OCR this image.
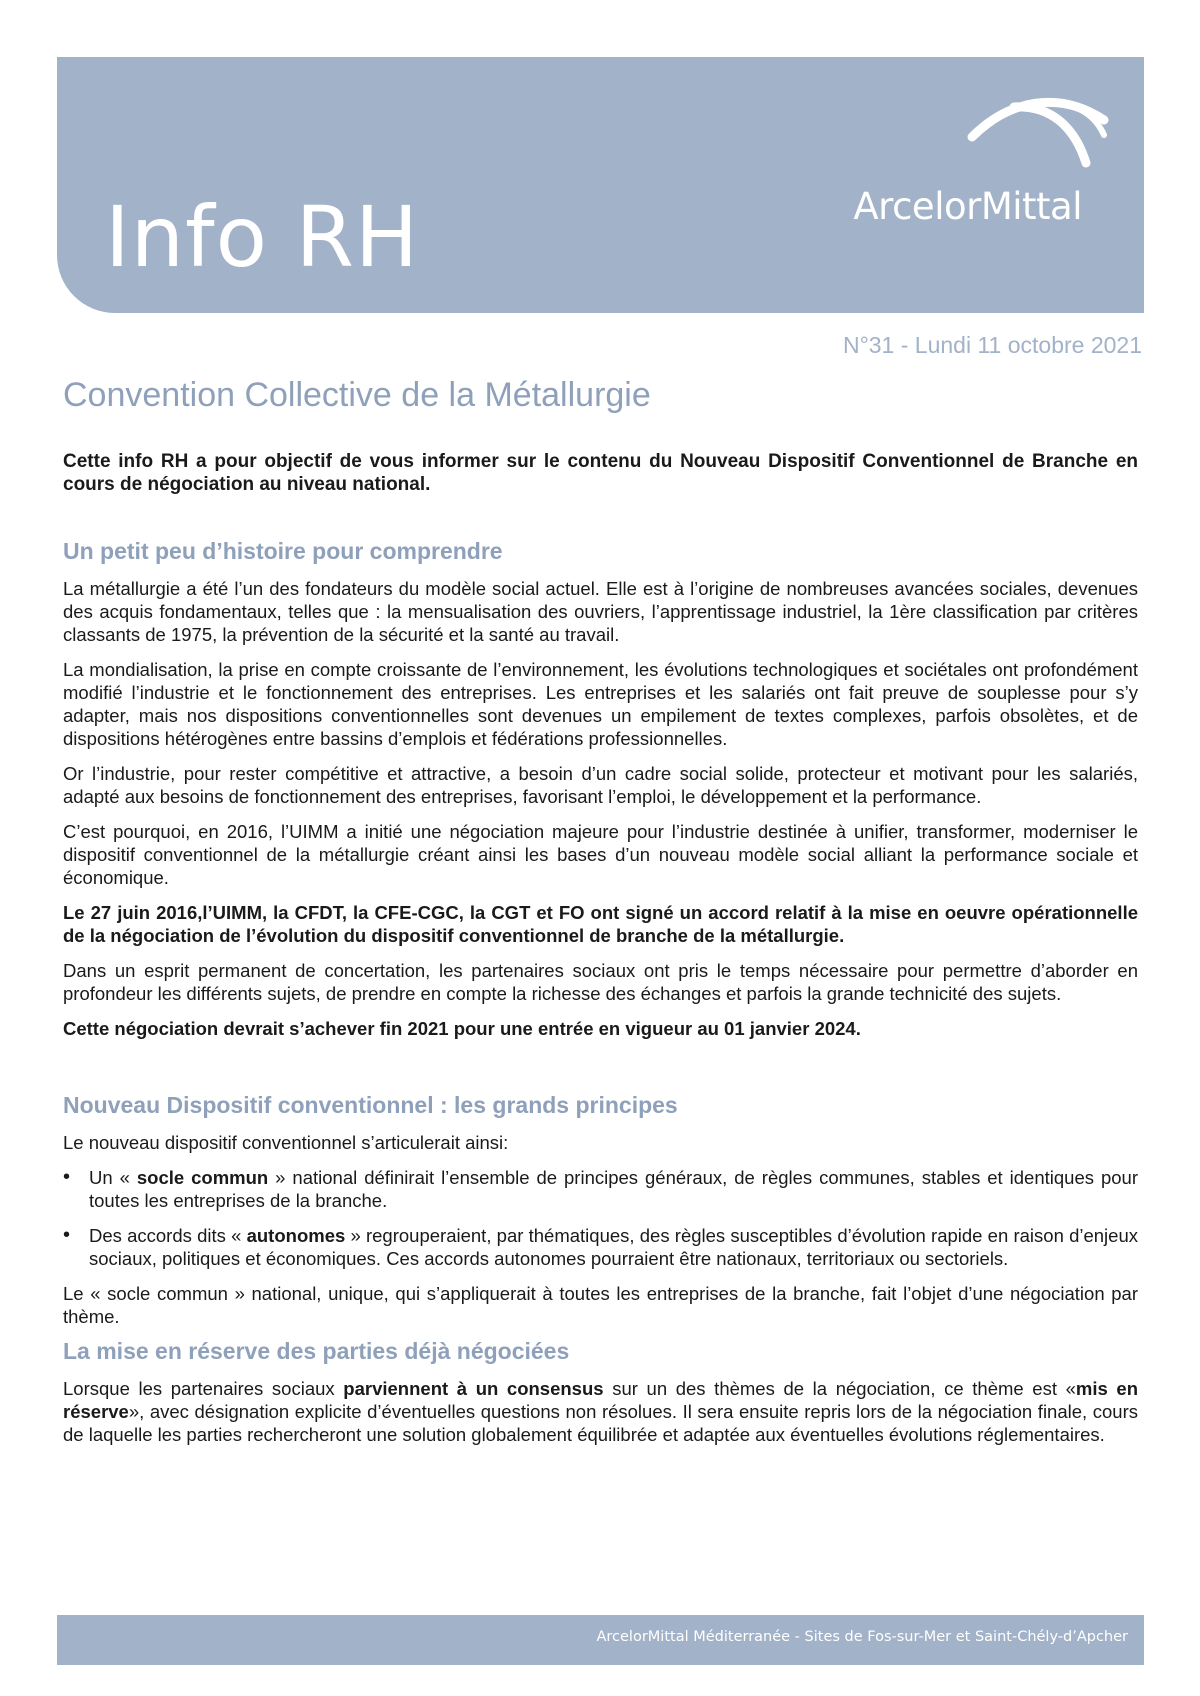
ArcelorMittal
Info RH
N°31 - Lundi 11 octobre 2021
Convention Collective de la Métallurgie

Cette info RH a pour objectif de vous informer sur le contenu du Nouveau Dispositif Conventionnel de Branche en cours de négociation au niveau national.

Un petit peu d’histoire pour comprendre

La métallurgie a été l’un des fondateurs du modèle social actuel. Elle est à l’origine de nombreuses avancées sociales, devenues des acquis fondamentaux, telles que : la mensualisation des ouvriers, l’apprentissage industriel, la 1ère classification par critères classants de 1975, la prévention de la sécurité et la santé au travail.

La mondialisation, la prise en compte croissante de l’environnement, les évolutions technologiques et sociétales ont profondément modifié l’industrie et le fonctionnement des entreprises. Les entreprises et les salariés ont fait preuve de souplesse pour s’y adapter, mais nos dispositions conventionnelles sont devenues un empilement de textes complexes, parfois obsolètes, et de dispositions hétérogènes entre bassins d’emplois et fédérations professionnelles.

Or l’industrie, pour rester compétitive et attractive, a besoin d’un cadre social solide, protecteur et motivant pour les salariés, adapté aux besoins de fonctionnement des entreprises, favorisant l’emploi, le développement et la performance.

C’est pourquoi, en 2016, l’UIMM a initié une négociation majeure pour l’industrie destinée à unifier, transformer, moderniser le dispositif conventionnel de la métallurgie créant ainsi les bases d’un nouveau modèle social alliant la performance sociale et économique.

Le 27 juin 2016,l’UIMM, la CFDT, la CFE-CGC, la CGT et FO ont signé un accord relatif à la mise en oeuvre opérationnelle de la négociation de l’évolution du dispositif conventionnel de branche de la métallurgie.

Dans un esprit permanent de concertation, les partenaires sociaux ont pris le temps nécessaire pour permettre d’aborder en profondeur les différents sujets, de prendre en compte la richesse des échanges et parfois la grande technicité des sujets.

Cette négociation devrait s’achever fin 2021 pour une entrée en vigueur au 01 janvier 2024.

Nouveau Dispositif conventionnel : les grands principes

Le nouveau dispositif conventionnel s’articulerait ainsi:

• Un « socle commun » national définirait l’ensemble de principes généraux, de règles communes, stables et identiques pour toutes les entreprises de la branche.
• Des accords dits « autonomes » regrouperaient, par thématiques, des règles susceptibles d’évolution rapide en raison d’enjeux sociaux, politiques et économiques. Ces accords autonomes pourraient être nationaux, territoriaux ou sectoriels.

Le « socle commun » national, unique, qui s’appliquerait à toutes les entreprises de la branche, fait l’objet d’une négociation par thème.

La mise en réserve des parties déjà négociées

Lorsque les partenaires sociaux parviennent à un consensus sur un des thèmes de la négociation, ce thème est «mis en réserve», avec désignation explicite d’éventuelles questions non résolues. Il sera ensuite repris lors de la négociation finale, cours de laquelle les parties rechercheront une solution globalement équilibrée et adaptée aux éventuelles évolutions réglementaires.

ArcelorMittal Méditerranée - Sites de Fos-sur-Mer et Saint-Chély-d’Apcher
